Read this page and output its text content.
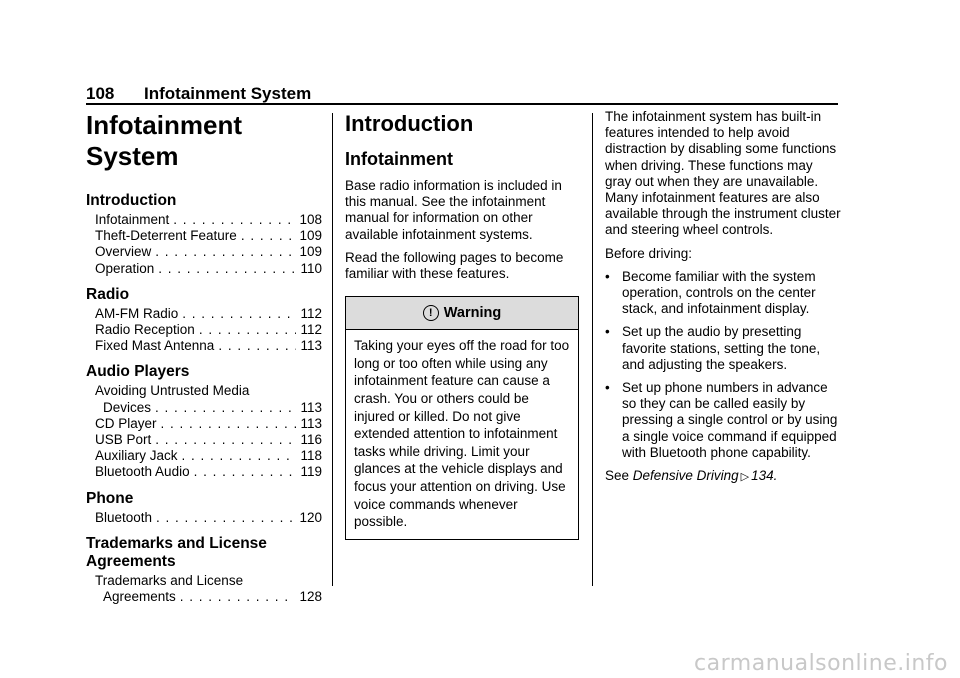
108 Infotainment System
Infotainment
System
Introduction
Infotainment . . .	108
Theft-Deterrent Feature . . .	109
Overview . . .	109
Operation . . .	110
Radio
AM-FM Radio . . .	112
Radio Reception . . .	112
Fixed Mast Antenna . . .	113
Audio Players
Avoiding Untrusted Media
Devices . . .	113
CD Player . . .	113
USB Port . . .	116
Auxiliary Jack . . .	118
Bluetooth Audio . . .	119
Phone
Bluetooth . . .	120
Trademarks and License
Agreements
Trademarks and License
Agreements . . .	128
Introduction
Infotainment

Base radio information is included in this manual. See the infotainment manual for information on other available infotainment systems.

Read the following pages to become familiar with these features.

! Warning
Taking your eyes off the road for too long or too often while using any infotainment feature can cause a crash. You or others could be injured or killed. Do not give extended attention to infotainment tasks while driving. Limit your glances at the vehicle displays and focus your attention on driving. Use voice commands whenever possible.

The infotainment system has built-in features intended to help avoid distraction by disabling some functions when driving. These functions may gray out when they are unavailable. Many infotainment features are also available through the instrument cluster and steering wheel controls.

Before driving:

• Become familiar with the system operation, controls on the center stack, and infotainment display.
• Set up the audio by presetting favorite stations, setting the tone, and adjusting the speakers.
• Set up phone numbers in advance so they can be called easily by pressing a single control or by using a single voice command if equipped with Bluetooth phone capability.

See Defensive Driving ▷ 134.

carmanualsonline.info
